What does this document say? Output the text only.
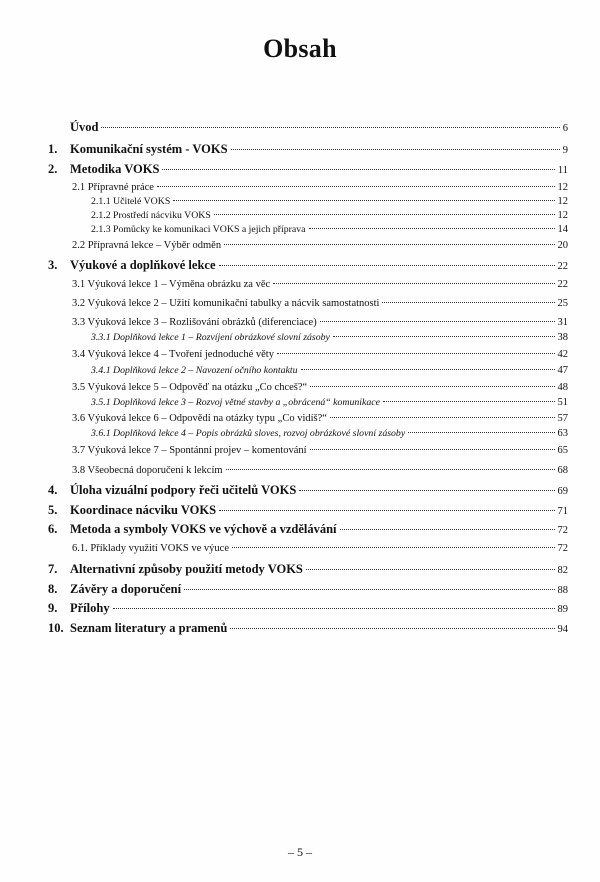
Obsah
Úvod	6
1.	Komunikační systém - VOKS	9
2.	Metodika VOKS	11
2.1 Přípravné práce	12
2.1.1 Učitelé VOKS	12
2.1.2 Prostředí nácviku VOKS	12
2.1.3 Pomůcky ke komunikaci VOKS a jejich příprava	14
2.2 Přípravná lekce – Výběr odměn	20
3.	Výukové a doplňkové lekce	22
3.1 Výuková lekce 1 – Výměna obrázku za věc	22
3.2 Výuková lekce 2 – Užití komunikační tabulky a nácvik samostatnosti	25
3.3 Výuková lekce 3 – Rozlišování obrázků (diferenciace)	31
3.3.1 Doplňková lekce 1 – Rozvíjení obrázkové slovní zásoby	38
3.4 Výuková lekce 4 – Tvoření jednoduché věty	42
3.4.1 Doplňková lekce 2 – Navození očního kontaktu	47
3.5 Výuková lekce 5 – Odpověď na otázku „Co chceš?“	48
3.5.1 Doplňková lekce 3 – Rozvoj větné stavby a „obrácená“ komunikace	51
3.6 Výuková lekce 6 – Odpovědi na otázky typu „Co vidíš?“	57
3.6.1 Doplňková lekce 4 – Popis obrázků sloves, rozvoj obrázkové slovní zásoby	63
3.7 Výuková lekce 7 – Spontánní projev – komentování	65
3.8 Všeobecná doporučení k lekcím	68
4.	Úloha vizuální podpory řeči učitelů VOKS	69
5.	Koordinace nácviku VOKS	71
6.	Metoda a symboly VOKS ve výchově a vzdělávání	72
6.1. Příklady využití VOKS ve výuce	72
7.	Alternativní způsoby použití metody VOKS	82
8.	Závěry a doporučení	88
9.	Přílohy	89
10. Seznam literatury a pramenů	94
– 5 –
